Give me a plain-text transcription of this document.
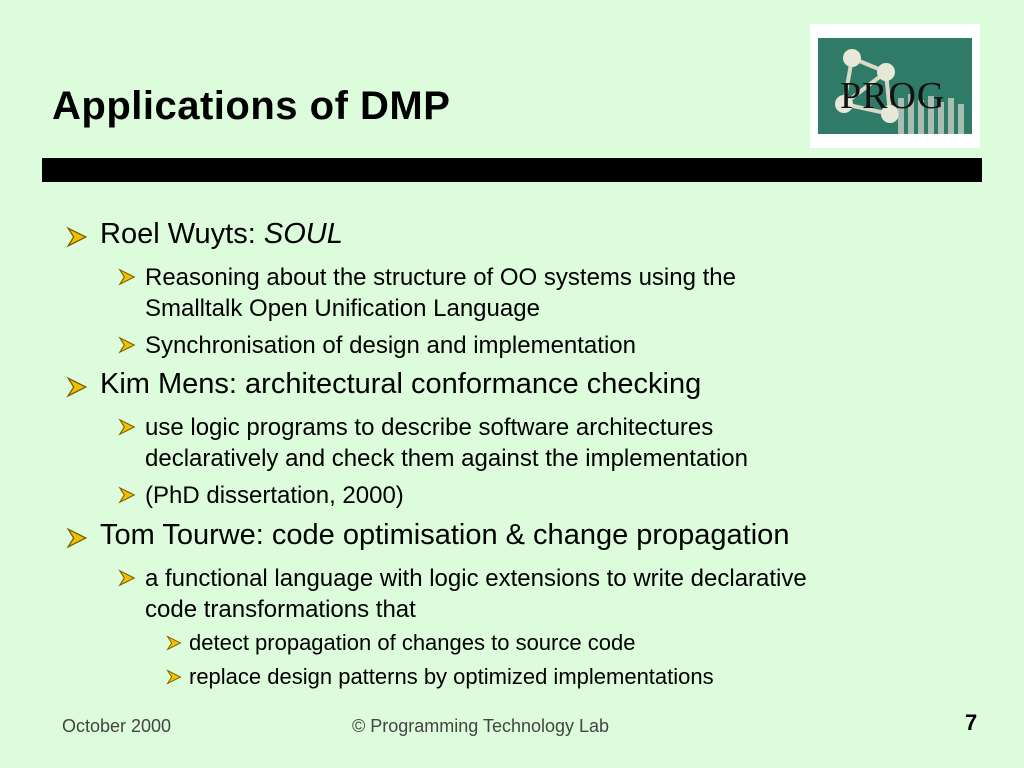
Applications of DMP	PROG
Roel Wuyts: SOUL
Reasoning about the structure of OO systems using the
Smalltalk Open Unification Language
Synchronisation of design and implementation
Kim Mens: architectural conformance checking
use logic programs to describe software architectures
declaratively and check them against the implementation
(PhD dissertation, 2000)
Tom Tourwe: code optimisation & change propagation
a functional language with logic extensions to write declarative
code transformations that
detect propagation of changes to source code
replace design patterns by optimized implementations
October 2000	© Programming Technology Lab	7
